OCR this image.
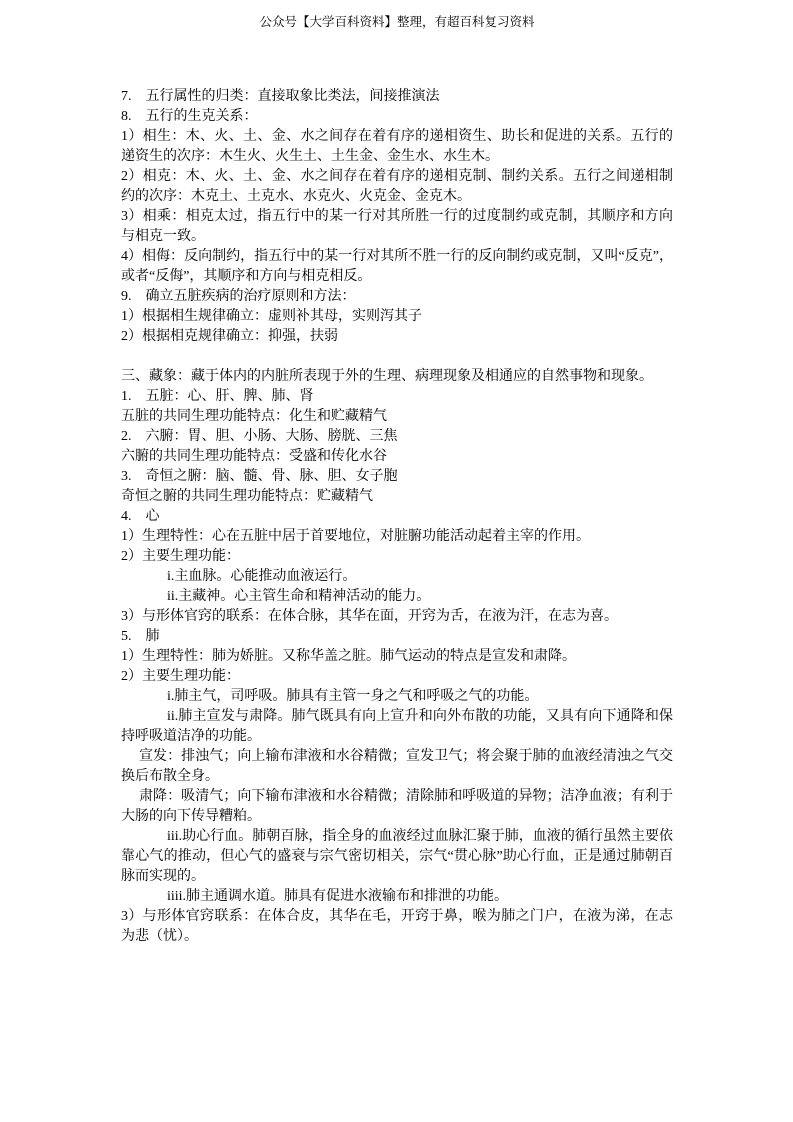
公众号【大学百科资料】整理，有超百科复习资料

7.　五行属性的归类：直接取象比类法，间接推演法

8.　五行的生克关系：

1）相生：木、火、土、金、水之间存在着有序的递相资生、助长和促进的关系。五行的递资生的次序：木生火、火生土、土生金、金生水、水生木。

2）相克：木、火、土、金、水之间存在着有序的递相克制、制约关系。五行之间递相制约的次序：木克土、土克水、水克火、火克金、金克木。

3）相乘：相克太过，指五行中的某一行对其所胜一行的过度制约或克制，其顺序和方向与相克一致。

4）相侮：反向制约，指五行中的某一行对其所不胜一行的反向制约或克制，又叫“反克”，或者“反侮”，其顺序和方向与相克相反。

9.　确立五脏疾病的治疗原则和方法：

1）根据相生规律确立：虚则补其母，实则泻其子

2）根据相克规律确立：抑强，扶弱

三、藏象：藏于体内的内脏所表现于外的生理、病理现象及相通应的自然事物和现象。

1.　五脏：心、肝、脾、肺、肾

五脏的共同生理功能特点：化生和贮藏精气

2.　六腑：胃、胆、小肠、大肠、膀胱、三焦

六腑的共同生理功能特点：受盛和传化水谷

3.　奇恒之腑：脑、髓、骨、脉、胆、女子胞

奇恒之腑的共同生理功能特点：贮藏精气

4.　心

1）生理特性：心在五脏中居于首要地位，对脏腑功能活动起着主宰的作用。

2）主要生理功能：

i.主血脉。心能推动血液运行。

ii.主藏神。心主管生命和精神活动的能力。

3）与形体官窍的联系：在体合脉，其华在面，开窍为舌，在液为汗，在志为喜。

5.　肺

1）生理特性：肺为娇脏。又称华盖之脏。肺气运动的特点是宣发和肃降。

2）主要生理功能：

i.肺主气，司呼吸。肺具有主管一身之气和呼吸之气的功能。

ii.肺主宣发与肃降。肺气既具有向上宣升和向外布散的功能，又具有向下通降和保持呼吸道洁净的功能。

宣发：排浊气；向上输布津液和水谷精微；宣发卫气；将会聚于肺的血液经清浊之气交换后布散全身。

肃降：吸清气；向下输布津液和水谷精微；清除肺和呼吸道的异物；洁净血液；有利于大肠的向下传导糟粕。

iii.助心行血。肺朝百脉，指全身的血液经过血脉汇聚于肺，血液的循行虽然主要依靠心气的推动，但心气的盛衰与宗气密切相关，宗气“贯心脉”助心行血，正是通过肺朝百脉而实现的。

iiii.肺主通调水道。肺具有促进水液输布和排泄的功能。

3）与形体官窍联系：在体合皮，其华在毛，开窍于鼻，喉为肺之门户，在液为涕，在志为悲（忧）。
